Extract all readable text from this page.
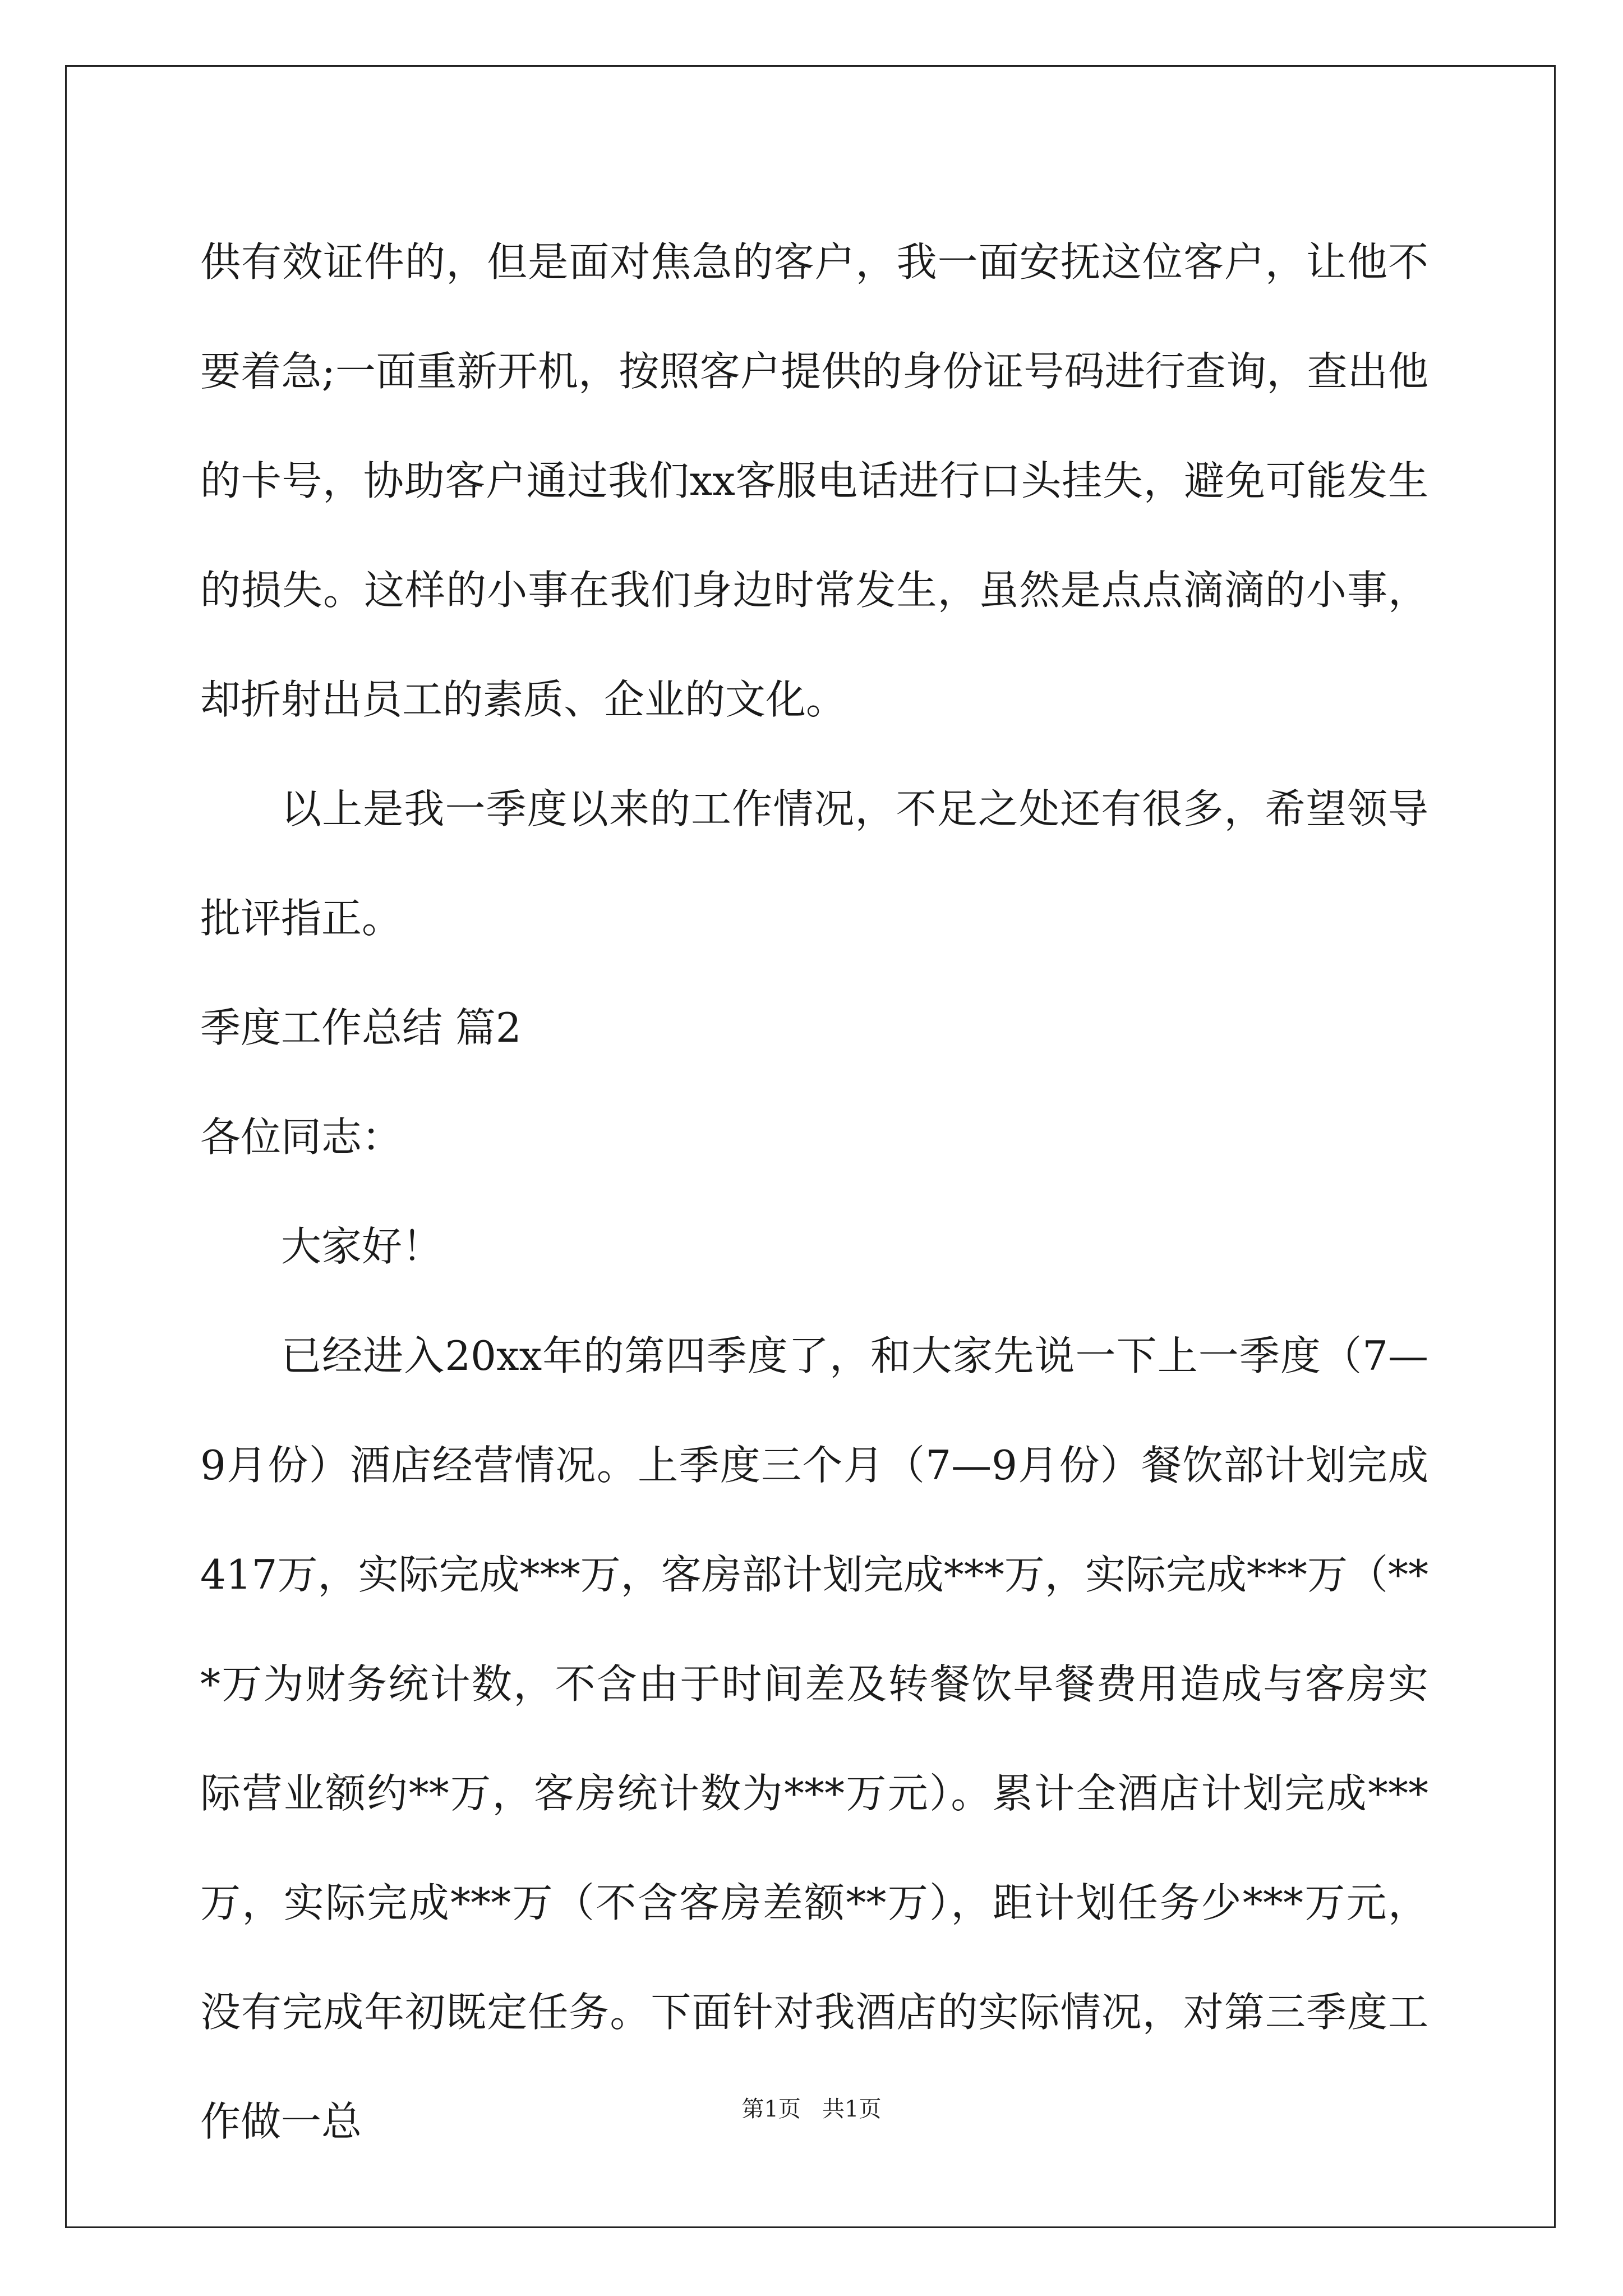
供有效证件的，但是面对焦急的客户，我一面安抚这位客户，让他不要着急;一面重新开机，按照客户提供的身份证号码进行查询，查出他的卡号，协助客户通过我们xx客服电话进行口头挂失，避免可能发生的损失。这样的小事在我们身边时常发生，虽然是点点滴滴的小事，却折射出员工的素质、企业的文化。

以上是我一季度以来的工作情况，不足之处还有很多，希望领导批评指正。

季度工作总结 篇2

各位同志：

大家好！

已经进入20xx年的第四季度了，和大家先说一下上一季度（7—9月份）酒店经营情况。上季度三个月（7—9月份）餐饮部计划完成417万，实际完成***万，客房部计划完成***万，实际完成***万（***万为财务统计数，不含由于时间差及转餐饮早餐费用造成与客房实际营业额约**万，客房统计数为***万元）。累计全酒店计划完成***万，实际完成***万（不含客房差额**万），距计划任务少***万元，没有完成年初既定任务。下面针对我酒店的实际情况，对第三季度工作做一总	第1页   共1页
